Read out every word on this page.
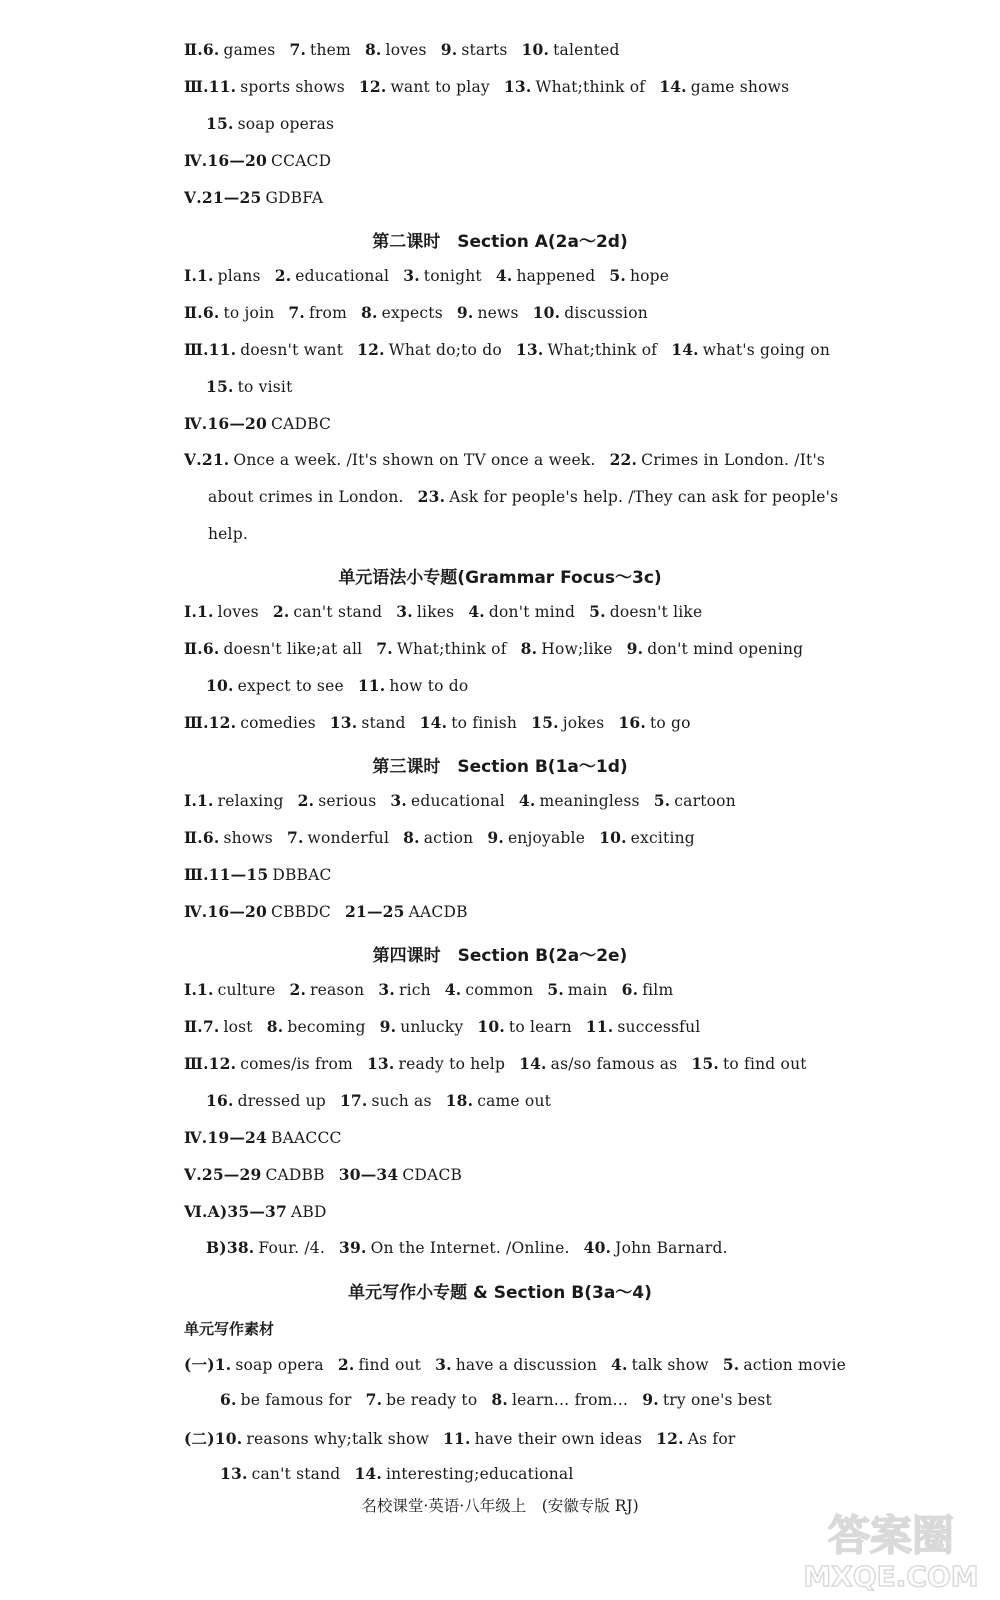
Ⅱ.6. games 7. them 8. loves 9. starts 10. talented
Ⅲ.11. sports shows 12. want to play 13. What;think of 14. game shows
15. soap operas
Ⅳ.16—20 CCACD
Ⅴ.21—25 GDBFA
第二课时　Section A(2a～2d)
Ⅰ.1. plans 2. educational 3. tonight 4. happened 5. hope
Ⅱ.6. to join 7. from 8. expects 9. news 10. discussion
Ⅲ.11. doesn't want 12. What do;to do 13. What;think of 14. what's going on
15. to visit
Ⅳ.16—20 CADBC
Ⅴ.21. Once a week. /It's shown on TV once a week. 22. Crimes in London. /It's
about crimes in London. 23. Ask for people's help. /They can ask for people's
help.
单元语法小专题(Grammar Focus～3c)
Ⅰ.1. loves 2. can't stand 3. likes 4. don't mind 5. doesn't like
Ⅱ.6. doesn't like;at all 7. What;think of 8. How;like 9. don't mind opening
10. expect to see 11. how to do
Ⅲ.12. comedies 13. stand 14. to finish 15. jokes 16. to go
第三课时　Section B(1a～1d)
Ⅰ.1. relaxing 2. serious 3. educational 4. meaningless 5. cartoon
Ⅱ.6. shows 7. wonderful 8. action 9. enjoyable 10. exciting
Ⅲ.11—15 DBBAC
Ⅳ.16—20 CBBDC 21—25 AACDB
第四课时　Section B(2a～2e)
Ⅰ.1. culture 2. reason 3. rich 4. common 5. main 6. film
Ⅱ.7. lost 8. becoming 9. unlucky 10. to learn 11. successful
Ⅲ.12. comes/is from 13. ready to help 14. as/so famous as 15. to find out
16. dressed up 17. such as 18. came out
Ⅳ.19—24 BAACCC
Ⅴ.25—29 CADBB 30—34 CDACB
Ⅵ.A)35—37 ABD
B)38. Four. /4. 39. On the Internet. /Online. 40. John Barnard.
单元写作小专题 & Section B(3a～4)
单元写作素材
(一)1. soap opera 2. find out 3. have a discussion 4. talk show 5. action movie
6. be famous for 7. be ready to 8. learn… from… 9. try one's best
(二)10. reasons why;talk show 11. have their own ideas 12. As for
13. can't stand 14. interesting;educational
名校课堂·英语·八年级上　(安徽专版 RJ)
答案圈
MXQE.COM
